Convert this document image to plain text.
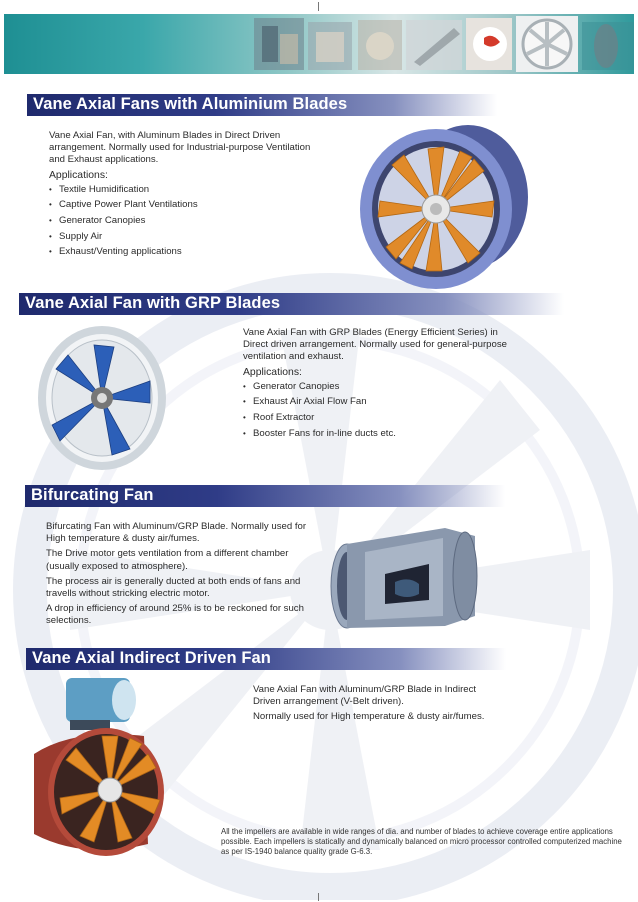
Vane Axial Fans with Aluminium Blades

Vane Axial Fan, with Aluminum Blades in Direct Driven arrangement. Normally used for Industrial-purpose Ventilation and Exhaust applications.

Applications:

• Textile Humidification
• Captive Power Plant Ventilations
• Generator Canopies
• Supply Air
• Exhaust/Venting applications
Vane Axial Fan with GRP Blades

Vane Axial Fan with GRP Blades (Energy Efficient Series) in Direct driven arrangement. Normally used for general-purpose ventilation and exhaust.

Applications:

• Generator Canopies
• Exhaust Air Axial Flow Fan
• Roof Extractor
• Booster Fans for in-line ducts etc.
Bifurcating Fan

Bifurcating Fan with Aluminum/GRP Blade. Normally used for High temperature & dusty air/fumes.

The Drive motor gets ventilation from a different chamber (usually exposed to atmosphere).

The process air is generally ducted at both ends of fans and travells without stricking electric motor.

A drop in efficiency of around 25% is to be reckoned for such selections.

Vane Axial Indirect Driven Fan

Vane Axial Fan with Aluminum/GRP Blade in Indirect Driven arrangement (V-Belt driven).

Normally used for High temperature & dusty air/fumes.

All the impellers are available in wide ranges of dia. and number of blades to achieve coverage entire applications possible. Each impellers is statically and dynamically balanced on micro processor controlled computerized machine as per IS-1940 balance quality grade G-6.3.
